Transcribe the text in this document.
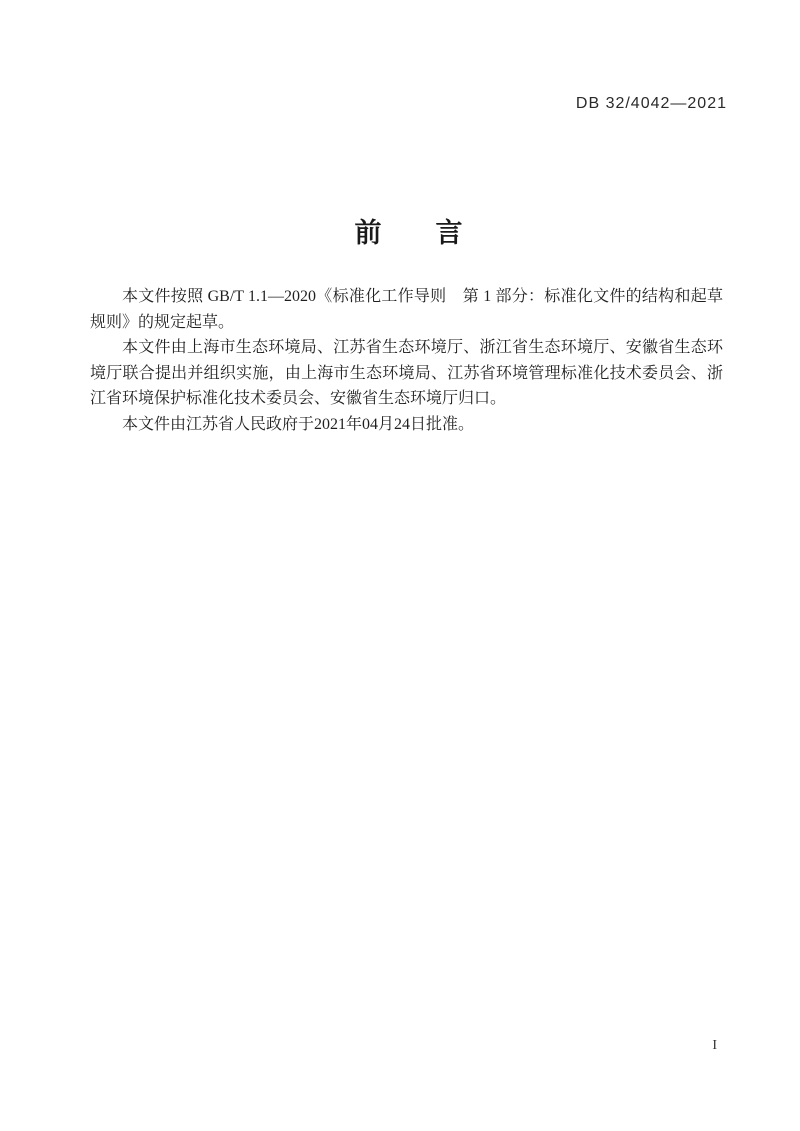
DB 32/4042—2021
前　　言

本文件按照 GB/T 1.1—2020《标准化工作导则　第 1 部分：标准化文件的结构和起草规则》的规定起草。

本文件由上海市生态环境局、江苏省生态环境厅、浙江省生态环境厅、安徽省生态环境厅联合提出并组织实施，由上海市生态环境局、江苏省环境管理标准化技术委员会、浙江省环境保护标准化技术委员会、安徽省生态环境厅归口。

本文件由江苏省人民政府于2021年04月24日批准。

I
